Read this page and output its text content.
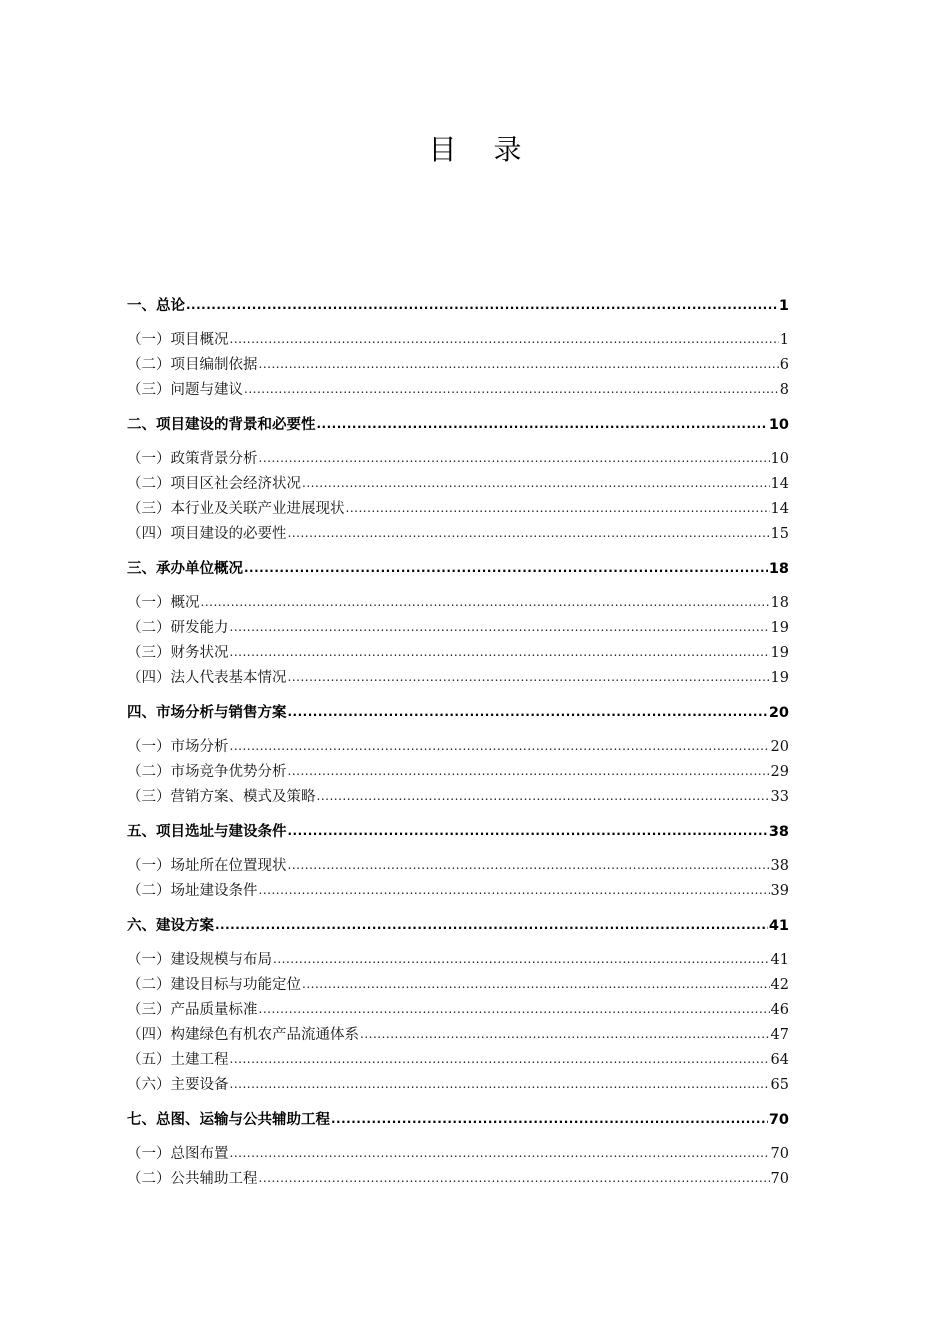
目 录
一、总论 .....	1
（一）项目概况 .....	1
（二）项目编制依据 .....	6
（三）问题与建议 .....	8
二、项目建设的背景和必要性 .....	10
（一）政策背景分析 .....	10
（二）项目区社会经济状况 .....	14
（三）本行业及关联产业进展现状 .....	14
（四）项目建设的必要性 .....	15
三、承办单位概况 .....	18
（一）概况 .....	18
（二）研发能力 .....	19
（三）财务状况 .....	19
（四）法人代表基本情况 .....	19
四、市场分析与销售方案 .....	20
（一）市场分析 .....	20
（二）市场竞争优势分析 .....	29
（三）营销方案、模式及策略 .....	33
五、项目选址与建设条件 .....	38
（一）场址所在位置现状 .....	38
（二）场址建设条件 .....	39
六、建设方案 .....	41
（一）建设规模与布局 .....	41
（二）建设目标与功能定位 .....	42
（三）产品质量标准 .....	46
（四）构建绿色有机农产品流通体系 .....	47
（五）土建工程 .....	64
（六）主要设备 .....	65
七、总图、运输与公共辅助工程 .....	70
（一）总图布置 .....	70
（二）公共辅助工程 .....	70
